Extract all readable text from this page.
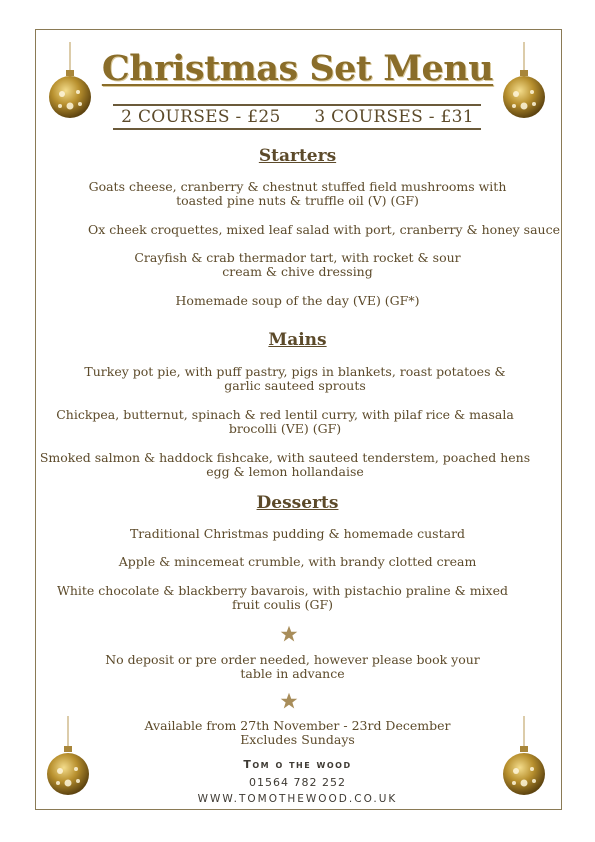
Christmas Set Menu
2 COURSES - £25 3 COURSES - £31
Starters
Goats cheese, cranberry & chestnut stuffed field mushrooms with
toasted pine nuts & truffle oil (V) (GF)
Ox cheek croquettes, mixed leaf salad with port, cranberry & honey sauce
Crayfish & crab thermador tart, with rocket & sour
cream & chive dressing
Homemade soup of the day (VE) (GF*)
Mains
Turkey pot pie, with puff pastry, pigs in blankets, roast potatoes &
garlic sauteed sprouts
Chickpea, butternut, spinach & red lentil curry, with pilaf rice & masala
brocolli (VE) (GF)
Smoked salmon & haddock fishcake, with sauteed tenderstem, poached hens
egg & lemon hollandaise
Desserts
Traditional Christmas pudding & homemade custard
Apple & mincemeat crumble, with brandy clotted cream
White chocolate & blackberry bavarois, with pistachio praline & mixed
fruit coulis (GF)
No deposit or pre order needed, however please book your
table in advance
Available from 27th November - 23rd December
Excludes Sundays
Tom o the wood
01564 782 252
WWW.TOMOTHEWOOD.CO.UK
